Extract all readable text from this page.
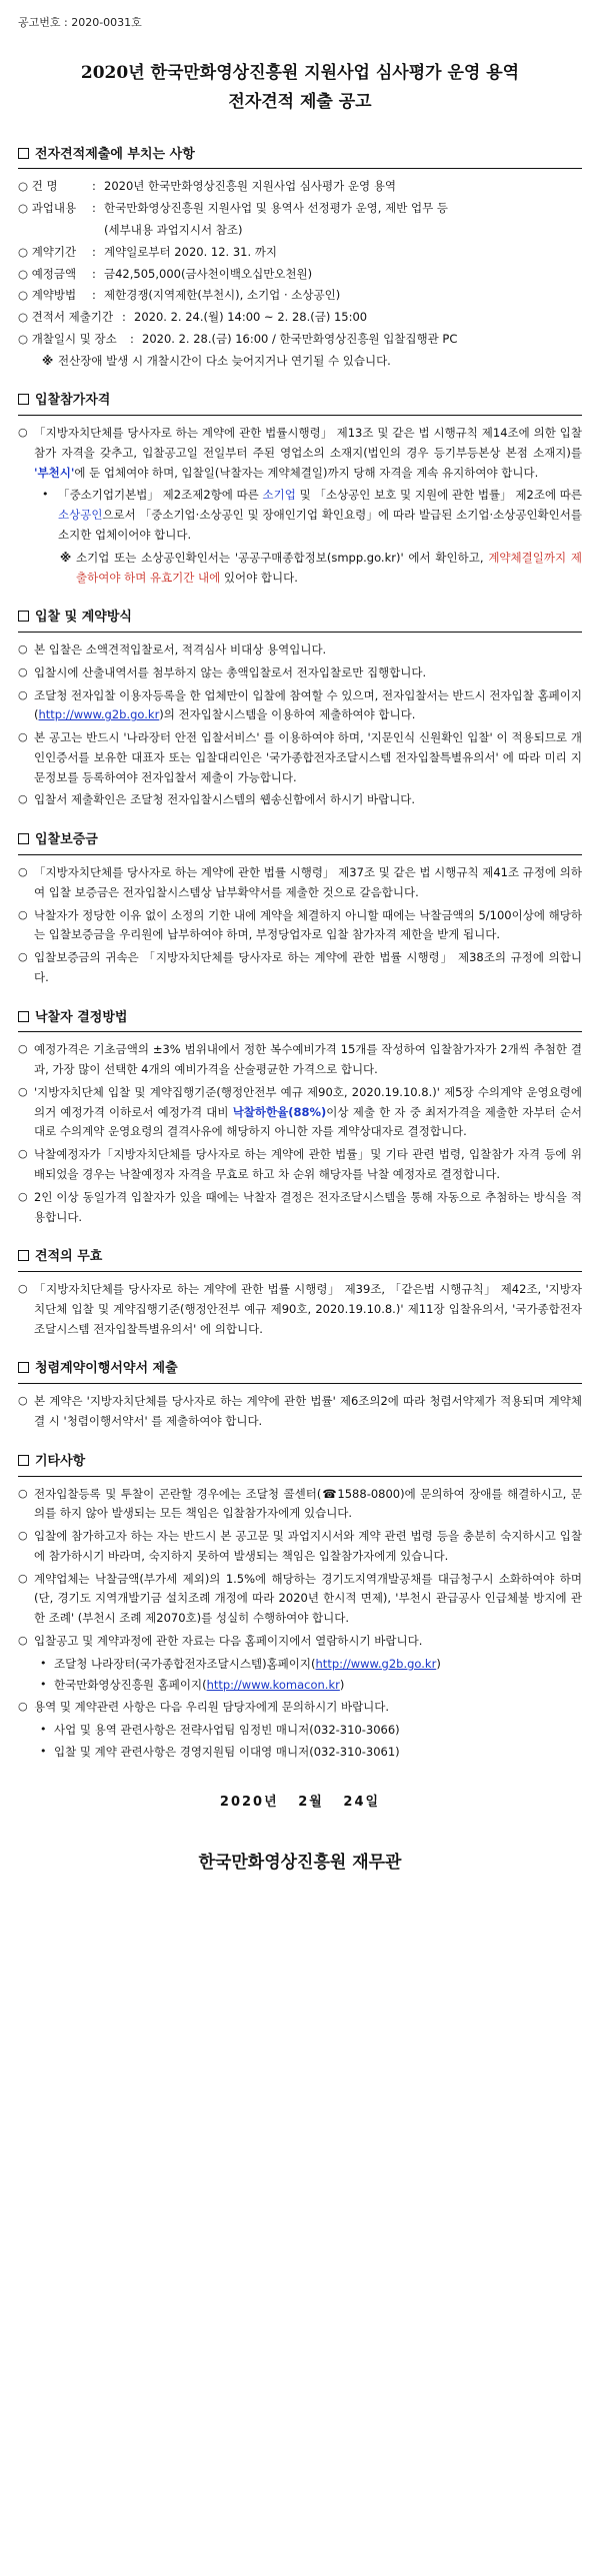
공고번호 : 2020-0031호
2020년 한국만화영상진흥원 지원사업 심사평가 운영 용역
전자견적 제출 공고
전자견적제출에 부치는 사항
○ 건 명	: 2020년 한국만화영상진흥원 지원사업 심사평가 운영 용역
○ 과업내용	: 한국만화영상진흥원 지원사업 및 용역사 선정평가 운영, 제반 업무 등
(세부내용 과업지시서 참조)
○ 계약기간	: 계약일로부터 2020. 12. 31. 까지
○ 예정금액	: 금42,505,000(금사천이백오십만오천원)
○ 계약방법	: 제한경쟁(지역제한(부천시), 소기업 · 소상공인)
○ 견적서 제출기간 : 2020. 2. 24.(월) 14:00 ~ 2. 28.(금) 15:00
○ 개찰일시 및 장소	: 2020. 2. 28.(금) 16:00 / 한국만화영상진흥원 입찰집행관 PC
※ 전산장애 발생 시 개찰시간이 다소 늦어지거나 연기될 수 있습니다.
입찰참가자격
○
「지방자치단체를 당사자로 하는 계약에 관한 법률시행령」 제13조 및 같은 법 시행규칙 제14조에 의한 입찰참가 자격을 갖추고, 입찰공고일 전일부터 주된 영업소의 소재지(법인의 경우 등기부등본상 본점 소재지)를 '부천시'에 둔 업체여야 하며, 입찰일(낙찰자는 계약체결일)까지 당해 자격을 계속 유지하여야 합니다.
•
「중소기업기본법」 제2조제2항에 따른 소기업 및 「소상공인 보호 및 지원에 관한 법률」 제2조에 따른 소상공인으로서 「중소기업·소상공인 및 장애인기업 확인요령」에 따라 발급된 소기업·소상공인확인서를 소지한 업체이어야 합니다.
※ 소기업 또는 소상공인확인서는 '공공구매종합정보(smpp.go.kr)' 에서 확인하고, 계약체결일까지 제출하여야 하며 유효기간 내에 있어야 합니다.
입찰 및 계약방식
○
본 입찰은 소액견적입찰로서, 적격심사 비대상 용역입니다.
○
입찰시에 산출내역서를 첨부하지 않는 총액입찰로서 전자입찰로만 집행합니다.
○
조달청 전자입찰 이용자등록을 한 업체만이 입찰에 참여할 수 있으며, 전자입찰서는 반드시 전자입찰 홈페이지(http://www.g2b.go.kr)의 전자입찰시스템을 이용하여 제출하여야 합니다.
○
본 공고는 반드시 '나라장터 안전 입찰서비스' 를 이용하여야 하며, '지문인식 신원확인 입찰' 이 적용되므로 개인인증서를 보유한 대표자 또는 입찰대리인은 '국가종합전자조달시스템 전자입찰특별유의서' 에 따라 미리 지문정보를 등록하여야 전자입찰서 제출이 가능합니다.
○
입찰서 제출확인은 조달청 전자입찰시스템의 웹송신함에서 하시기 바랍니다.
입찰보증금
○
「지방자치단체를 당사자로 하는 계약에 관한 법률 시행령」 제37조 및 같은 법 시행규칙 제41조 규정에 의하여 입찰 보증금은 전자입찰시스템상 납부확약서를 제출한 것으로 갈음합니다.
○
낙찰자가 정당한 이유 없이 소정의 기한 내에 계약을 체결하지 아니할 때에는 낙찰금액의 5/100이상에 해당하는 입찰보증금을 우리원에 납부하여야 하며, 부정당업자로 입찰 참가자격 제한을 받게 됩니다.
○
입찰보증금의 귀속은 「지방자치단체를 당사자로 하는 계약에 관한 법률 시행령」 제38조의 규정에 의합니다.
낙찰자 결정방법
○
예정가격은 기초금액의 ±3% 범위내에서 정한 복수예비가격 15개를 작성하여 입찰참가자가 2개씩 추첨한 결과, 가장 많이 선택한 4개의 예비가격을 산술평균한 가격으로 합니다.
○
'지방자치단체 입찰 및 계약집행기준(행정안전부 예규 제90호, 2020.19.10.8.)' 제5장 수의계약 운영요령에 의거 예정가격 이하로서 예정가격 대비 낙찰하한율(88%)이상 제출 한 자 중 최저가격을 제출한 자부터 순서대로 수의계약 운영요령의 결격사유에 해당하지 아니한 자를 계약상대자로 결정합니다.
○
낙찰예정자가「지방자치단체를 당사자로 하는 계약에 관한 법률」및 기타 관련 법령, 입찰참가 자격 등에 위배되었을 경우는 낙찰예정자 자격을 무효로 하고 차 순위 해당자를 낙찰 예정자로 결정합니다.
○
2인 이상 동일가격 입찰자가 있을 때에는 낙찰자 결정은 전자조달시스템을 통해 자동으로 추첨하는 방식을 적용합니다.
견적의 무효
○
「지방자치단체를 당사자로 하는 계약에 관한 법률 시행령」 제39조, 「같은법 시행규칙」 제42조, '지방자치단체 입찰 및 계약집행기준(행정안전부 예규 제90호, 2020.19.10.8.)' 제11장 입찰유의서, '국가종합전자조달시스템 전자입찰특별유의서' 에 의합니다.
청렴계약이행서약서 제출
○
본 계약은 '지방자치단체를 당사자로 하는 계약에 관한 법률' 제6조의2에 따라 청렴서약제가 적용되며 계약체결 시 '청렴이행서약서' 를 제출하여야 합니다.
기타사항
○
전자입찰등록 및 투찰이 곤란할 경우에는 조달청 콜센터(☎1588-0800)에 문의하여 장애를 해결하시고, 문의를 하지 않아 발생되는 모든 책임은 입찰참가자에게 있습니다.
○
입찰에 참가하고자 하는 자는 반드시 본 공고문 및 과업지시서와 계약 관련 법령 등을 충분히 숙지하시고 입찰에 참가하시기 바라며, 숙지하지 못하여 발생되는 책임은 입찰참가자에게 있습니다.
○
계약업체는 낙찰금액(부가세 제외)의 1.5%에 해당하는 경기도지역개발공채를 대급청구시 소화하여야 하며(단, 경기도 지역개발기금 설치조례 개정에 따라 2020년 한시적 면제), '부천시 관급공사 인급체불 방지에 관한 조례' (부천시 조례 제2070호)를 성실히 수행하여야 합니다.
○
입찰공고 및 계약과정에 관한 자료는 다음 홈페이지에서 열람하시기 바랍니다.
•
조달청 나라장터(국가종합전자조달시스템)홈페이지(http://www.g2b.go.kr)
•
한국만화영상진흥원 홈페이지(http://www.komacon.kr)
○
용역 및 계약관련 사항은 다음 우리원 담당자에게 문의하시기 바랍니다.
•
사업 및 용역 관련사항은 전략사업팀 임정빈 매니저(032-310-3066)
•
입찰 및 계약 관련사항은 경영지원팀 이대영 매니저(032-310-3061)
2020년   2월   24일
한국만화영상진흥원 재무관
